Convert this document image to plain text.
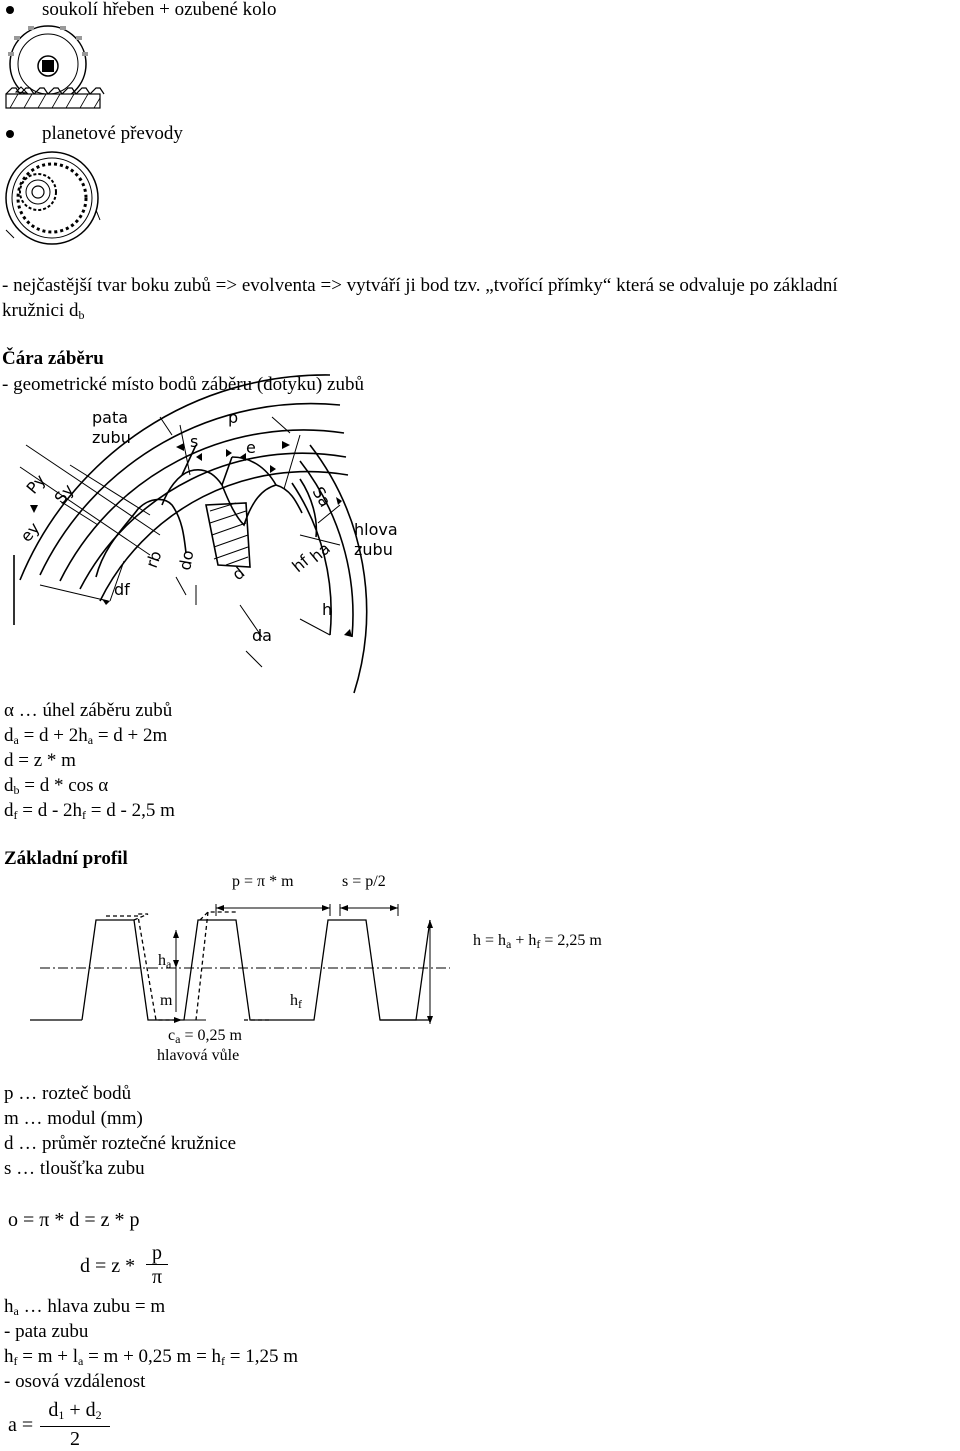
soukolí hřeben + ozubené kolo
planetové převody
- nejčastější tvar boku zubů => evolventa => vytváří ji bod tzv. „tvořící přímky“ která se odvaluje po základní
kružnici $d_b$
Čára záběru
- geometrické místo bodů záběru (dotyku) zubů
pata
zubu
p
s	e
Py Sy
ey
Sa
hlova
zubu
rb do
d	hf
ha
h
df
da
α … úhel záběru zubů
$d_a = d + 2h_a = d + 2m$
d = z * m
$d_b = d * \cos \alpha$
$d_f = d - 2h_f = d - 2,5$ m
Základní profil
p = π * m	s = p/2
$h = h_a + h_f = 2,25$ m
$h_a$
m	$h_f$
$c_a = 0,25$ m
hlavová vůle
p … rozteč bodů
m … modul (mm)
d … průměr roztečné kružnice
s … tloušťka zubu
o = π * d = z * p
d = z *
p
π
$h_a$ … hlava zubu = m
- pata zubu
$h_f = m + l_a = m + 0,25$ $m = h_f = 1,25$ m
- osová vzdálenost
a =
$d_1 + d_2$
2
